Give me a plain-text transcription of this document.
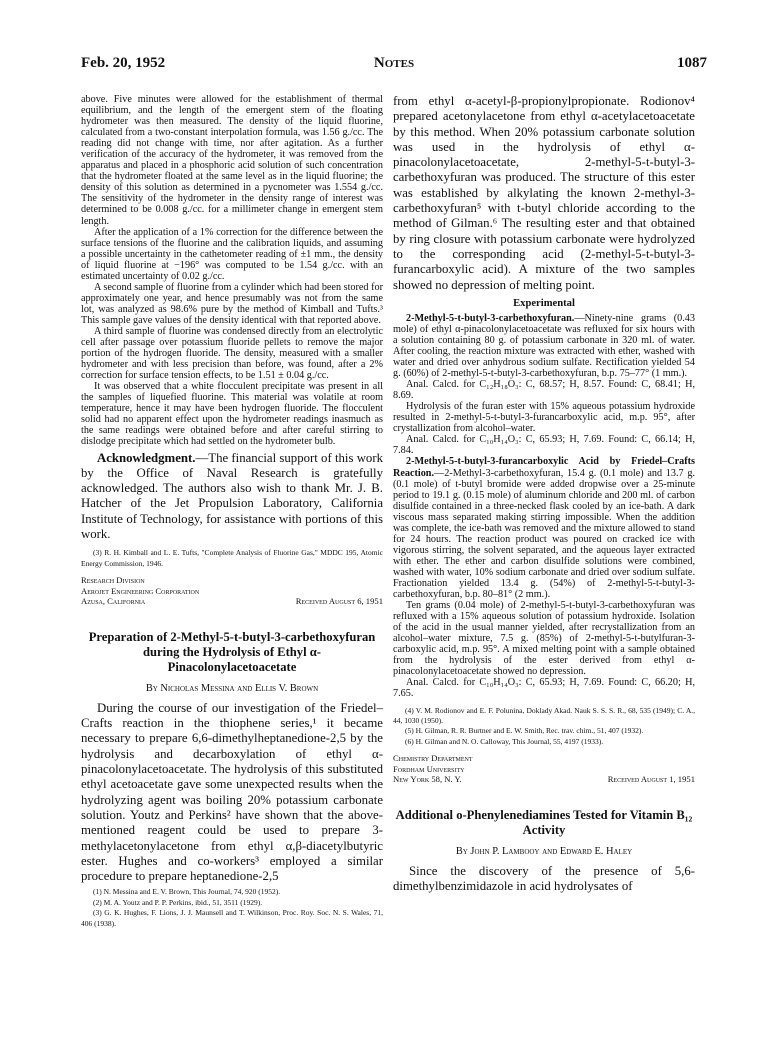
Feb. 20, 1952	Notes	1087

above. Five minutes were allowed for the establishment of thermal equilibrium, and the length of the emergent stem of the floating hydrometer was then measured. The density of the liquid fluorine, calculated from a two-constant interpolation formula, was 1.56 g./cc. The reading did not change with time, nor after agitation. As a further verification of the accuracy of the hydrometer, it was removed from the apparatus and placed in a phosphoric acid solution of such concentration that the hydrometer floated at the same level as in the liquid fluorine; the density of this solution as determined in a pycnometer was 1.554 g./cc. The sensitivity of the hydrometer in the density range of interest was determined to be 0.008 g./cc. for a millimeter change in emergent stem length.

After the application of a 1% correction for the difference between the surface tensions of the fluorine and the calibration liquids, and assuming a possible uncertainty in the cathetometer reading of ±1 mm., the density of liquid fluorine at −196° was computed to be 1.54 g./cc. with an estimated uncertainty of 0.02 g./cc.

A second sample of fluorine from a cylinder which had been stored for approximately one year, and hence presumably was not from the same lot, was analyzed as 98.6% pure by the method of Kimball and Tufts.³ This sample gave values of the density identical with that reported above.

A third sample of fluorine was condensed directly from an electrolytic cell after passage over potassium fluoride pellets to remove the major portion of the hydrogen fluoride. The density, measured with a smaller hydrometer and with less precision than before, was found, after a 2% correction for surface tension effects, to be 1.51 ± 0.04 g./cc.

It was observed that a white flocculent precipitate was present in all the samples of liquefied fluorine. This material was volatile at room temperature, hence it may have been hydrogen fluoride. The flocculent solid had no apparent effect upon the hydrometer readings inasmuch as the same readings were obtained before and after careful stirring to dislodge precipitate which had settled on the hydrometer bulb.

Acknowledgment.—The financial support of this work by the Office of Naval Research is gratefully acknowledged. The authors also wish to thank Mr. J. B. Hatcher of the Jet Propulsion Laboratory, California Institute of Technology, for assistance with portions of this work.

(3) R. H. Kimball and L. E. Tufts, "Complete Analysis of Fluorine Gas," MDDC 195, Atomic Energy Commission, 1946.

Research Division
Aerojet Engineering Corporation
Azusa, California	Received August 6, 1951
Preparation of 2-Methyl-5-t-butyl-3-carbethoxyfuran during the Hydrolysis of Ethyl α-Pinacolonylacetoacetate
By Nicholas Messina and Ellis V. Brown

During the course of our investigation of the Friedel–Crafts reaction in the thiophene series,¹ it became necessary to prepare 6,6-dimethylheptanedione-2,5 by the hydrolysis and decarboxylation of ethyl α-pinacolonylacetoacetate. The hydrolysis of this substituted ethyl acetoacetate gave some unexpected results when the hydrolyzing agent was boiling 20% potassium carbonate solution. Youtz and Perkins² have shown that the above-mentioned reagent could be used to prepare 3-methylacetonylacetone from ethyl α,β-diacetylbutyric ester. Hughes and co-workers³ employed a similar procedure to prepare heptanedione-2,5

(1) N. Messina and E. V. Brown, This Journal, 74, 920 (1952).

(2) M. A. Youtz and P. P. Perkins, ibid., 51, 3511 (1929).

(3) G. K. Hughes, F. Lions, J. J. Maunsell and T. Wilkinson, Proc. Roy. Soc. N. S. Wales, 71, 406 (1938).

from ethyl α-acetyl-β-propionylpropionate. Rodionov⁴ prepared acetonylacetone from ethyl α-acetylacetoacetate by this method. When 20% potassium carbonate solution was used in the hydrolysis of ethyl α-pinacolonylacetoacetate, 2-methyl-5-t-butyl-3-carbethoxyfuran was produced. The structure of this ester was established by alkylating the known 2-methyl-3-carbethoxyfuran⁵ with t-butyl chloride according to the method of Gilman.⁶ The resulting ester and that obtained by ring closure with potassium carbonate were hydrolyzed to the corresponding acid (2-methyl-5-t-butyl-3-furancarboxylic acid). A mixture of the two samples showed no depression of melting point.

Experimental

2-Methyl-5-t-butyl-3-carbethoxyfuran.—Ninety-nine grams (0.43 mole) of ethyl α-pinacolonylacetoacetate was refluxed for six hours with a solution containing 80 g. of potassium carbonate in 320 ml. of water. After cooling, the reaction mixture was extracted with ether, washed with water and dried over anhydrous sodium sulfate. Rectification yielded 54 g. (60%) of 2-methyl-5-t-butyl-3-carbethoxyfuran, b.p. 75–77° (1 mm.).

Anal. Calcd. for C₁₂H₁₈O₃: C, 68.57; H, 8.57. Found: C, 68.41; H, 8.69.

Hydrolysis of the furan ester with 15% aqueous potassium hydroxide resulted in 2-methyl-5-t-butyl-3-furancarboxylic acid, m.p. 95°, after crystallization from alcohol–water.

Anal. Calcd. for C₁₀H₁₄O₃: C, 65.93; H, 7.69. Found: C, 66.14; H, 7.84.

2-Methyl-5-t-butyl-3-furancarboxylic Acid by Friedel–Crafts Reaction.—2-Methyl-3-carbethoxyfuran, 15.4 g. (0.1 mole) and 13.7 g. (0.1 mole) of t-butyl bromide were added dropwise over a 25-minute period to 19.1 g. (0.15 mole) of aluminum chloride and 200 ml. of carbon disulfide contained in a three-necked flask cooled by an ice-bath. A dark viscous mass separated making stirring impossible. When the addition was complete, the ice-bath was removed and the mixture allowed to stand for 24 hours. The reaction product was poured on cracked ice with vigorous stirring, the solvent separated, and the aqueous layer extracted with ether. The ether and carbon disulfide solutions were combined, washed with water, 10% sodium carbonate and dried over sodium sulfate. Fractionation yielded 13.4 g. (54%) of 2-methyl-5-t-butyl-3-carbethoxyfuran, b.p. 80–81° (2 mm.).

Ten grams (0.04 mole) of 2-methyl-5-t-butyl-3-carbethoxyfuran was refluxed with a 15% aqueous solution of potassium hydroxide. Isolation of the acid in the usual manner yielded, after recrystallization from an alcohol–water mixture, 7.5 g. (85%) of 2-methyl-5-t-butylfuran-3-carboxylic acid, m.p. 95°. A mixed melting point with a sample obtained from the hydrolysis of the ester derived from ethyl α-pinacolonylacetoacetate showed no depression.

Anal. Calcd. for C₁₀H₁₄O₃: C, 65.93; H, 7.69. Found: C, 66.20; H, 7.65.

(4) V. M. Rodionov and E. F. Polunina, Doklady Akad. Nauk S. S. S. R., 68, 535 (1949); C. A., 44, 1030 (1950).

(5) H. Gilman, R. R. Burtner and E. W. Smith, Rec. trav. chim., 51, 407 (1932).

(6) H. Gilman and N. O. Calloway, This Journal, 55, 4197 (1933).

Chemistry Department
Fordham University
New York 58, N. Y.	Received August 1, 1951
Additional o-Phenylenediamines Tested for Vitamin B₁₂ Activity
By John P. Lambooy and Edward E. Haley

Since the discovery of the presence of 5,6-dimethylbenzimidazole in acid hydrolysates of
